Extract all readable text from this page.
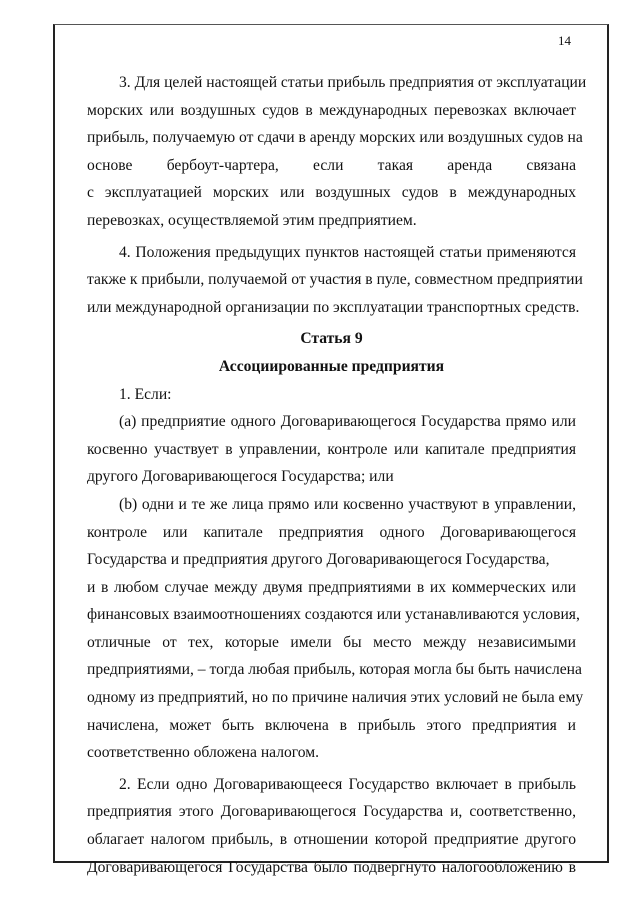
14
3. Для целей настоящей статьи прибыль предприятия от эксплуатации
морских или воздушных судов в международных перевозках включает
прибыль, получаемую от сдачи в аренду морских или воздушных судов на
основе бербоут-чартера, если такая аренда связана
с эксплуатацией морских или воздушных судов в международных
перевозках, осуществляемой этим предприятием.
4. Положения предыдущих пунктов настоящей статьи применяются
также к прибыли, получаемой от участия в пуле, совместном предприятии
или международной организации по эксплуатации транспортных средств.
Статья 9
Ассоциированные предприятия
1. Если:
(а) предприятие одного Договаривающегося Государства прямо или
косвенно участвует в управлении, контроле или капитале предприятия
другого Договаривающегося Государства; или
(b) одни и те же лица прямо или косвенно участвуют в управлении,
контроле или капитале предприятия одного Договаривающегося
Государства и предприятия другого Договаривающегося Государства,
и в любом случае между двумя предприятиями в их коммерческих или
финансовых взаимоотношениях создаются или устанавливаются условия,
отличные от тех, которые имели бы место между независимыми
предприятиями, – тогда любая прибыль, которая могла бы быть начислена
одному из предприятий, но по причине наличия этих условий не была ему
начислена, может быть включена в прибыль этого предприятия и
соответственно обложена налогом.
2. Если одно Договаривающееся Государство включает в прибыль
предприятия этого Договаривающегося Государства и, соответственно,
облагает налогом прибыль, в отношении которой предприятие другого
Договаривающегося Государства было подвергнуто налогообложению в
